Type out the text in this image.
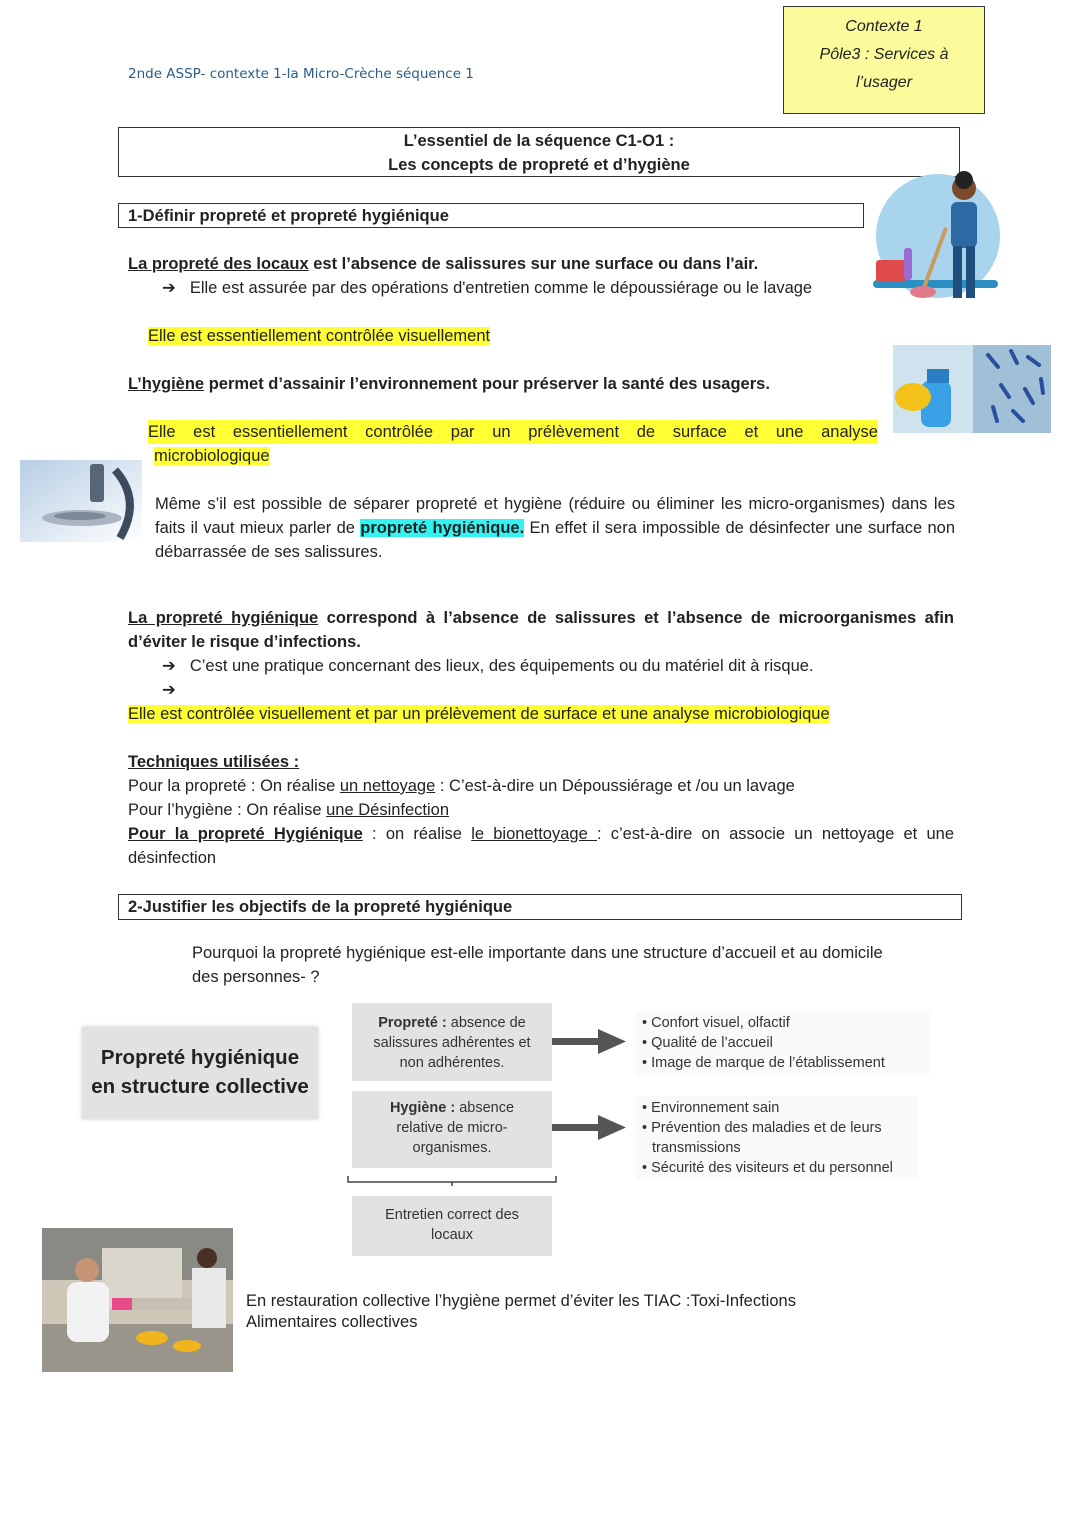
2nde ASSP- contexte 1-la Micro-Crèche séquence 1
Contexte 1
Pôle3 : Services à
l’usager
L’essentiel de la séquence C1-O1 :
Les concepts de propreté et d’hygiène
1-Définir propreté et propreté hygiénique
La propreté des locaux est l’absence de salissures sur une surface ou dans l'air.
➔ Elle est assurée par des opérations d'entretien comme le dépoussiérage ou le lavage
Elle est essentiellement contrôlée visuellement
L’hygiène permet d’assainir l’environnement pour préserver la santé des usagers.
Elle est essentiellement contrôlée par un prélèvement de surface et une analyse
microbiologique
Même s’il est possible de séparer propreté et hygiène (réduire ou éliminer les micro-organismes) dans les faits il vaut mieux parler de propreté hygiénique. En effet il sera impossible de désinfecter une surface non débarrassée de ses salissures.
La propreté hygiénique correspond à l’absence de salissures et l’absence de microorganismes afin d’éviter le risque d’infections.
➔ C’est une pratique concernant des lieux, des équipements ou du matériel dit à risque.
➔
Elle est contrôlée visuellement et par un prélèvement de surface et une analyse microbiologique
Techniques utilisées :
Pour la propreté : On réalise un nettoyage : C’est-à-dire un Dépoussiérage et /ou un lavage
Pour l’hygiène : On réalise une Désinfection
Pour la propreté Hygiénique : on réalise le bionettoyage : c’est-à-dire on associe un nettoyage et une désinfection
2-Justifier les objectifs de la propreté hygiénique
Pourquoi la propreté hygiénique est-elle importante dans une structure d’accueil et au domicile des personnes- ?
Propreté hygiénique
en structure collective
Propreté : absence de salissures adhérentes et non adhérentes.
Hygiène : absence relative de micro-organismes.
Entretien correct des locaux
• Confort visuel, olfactif
• Qualité de l’accueil
• Image de marque de l’établissement
• Environnement sain
• Prévention des maladies et de leurs transmissions
• Sécurité des visiteurs et du personnel
En restauration collective l’hygiène permet d’éviter les TIAC :Toxi-Infections Alimentaires collectives
